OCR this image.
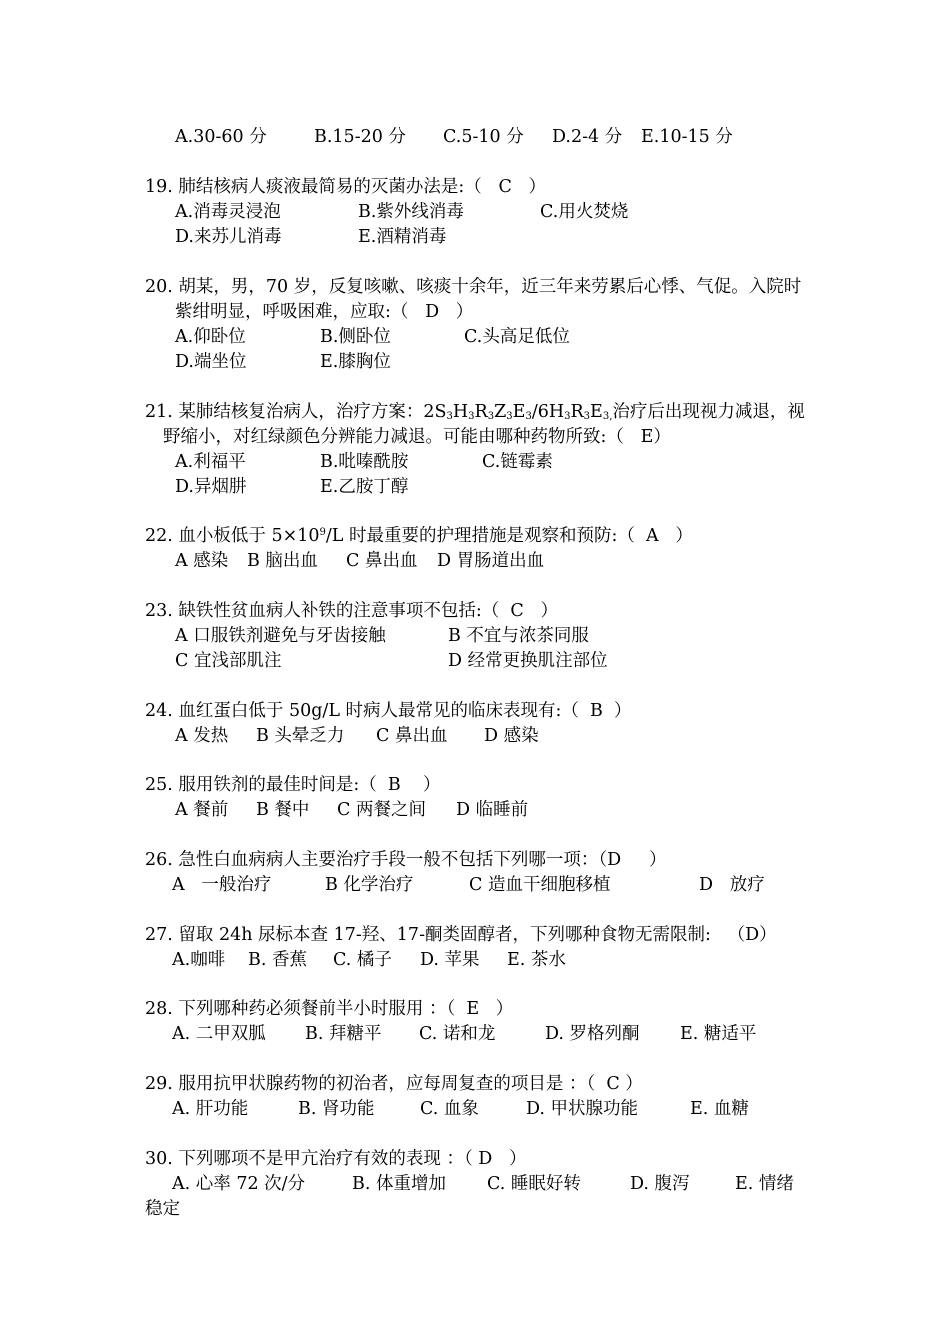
A.30-60 分	B.15-20 分 C.5-10 分 D.2-4 分 E.10-15 分
19. 肺结核病人痰液最简易的灭菌办法是:（   C   ）
A.消毒灵浸泡	B.紫外线消毒	C.用火焚烧
D.来苏儿消毒	E.酒精消毒
20. 胡某，男，70 岁，反复咳嗽、咳痰十余年，近三年来劳累后心悸、气促。入院时
紫绀明显，呼吸困难，应取:（   D   ）
A.仰卧位	B.侧卧位	C.头高足低位
D.端坐位	E.膝胸位
21. 某肺结核复治病人，治疗方案：$2S_3H_3R_3Z_3E_3/6H_3R_3E_{3,}$治疗后出现视力减退，视
野缩小，对红绿颜色分辨能力减退。可能由哪种药物所致:（   E）
A.利福平	B.吡嗪酰胺	C.链霉素
D.异烟肼	E.乙胺丁醇
22. 血小板低于 $5\times 10^9/L$ 时最重要的护理措施是观察和预防:（  A   ）
A 感染 B 脑出血 C 鼻出血 D 胃肠道出血
23. 缺铁性贫血病人补铁的注意事项不包括:（  C   ）
A 口服铁剂避免与牙齿接触	B 不宜与浓茶同服
C 宜浅部肌注	D 经常更换肌注部位
24. 血红蛋白低于 50g/L 时病人最常见的临床表现有:（  B  ）
A 发热 B 头晕乏力 C 鼻出血 D 感染
25. 服用铁剂的最佳时间是:（  B    ）
A 餐前 B 餐中 C 两餐之间 D 临睡前
26. 急性白血病病人主要治疗手段一般不包括下列哪一项：（D     ）
A   一般治疗	B 化学治疗	C 造血干细胞移植	D   放疗
27. 留取 24h 尿标本查 17-羟、17-酮类固醇者，下列哪种食物无需限制:   （D）
A.咖啡 B. 香蕉 C. 橘子 D. 苹果 E. 茶水
28. 下列哪种药必须餐前半小时服用 ：（  E   ）
A. 二甲双胍 B. 拜糖平 C. 诺和龙	D. 罗格列酮 E. 糖适平
29. 服用抗甲状腺药物的初治者，应每周复查的项目是 ：（  C ）
A. 肝功能	B. 肾功能	C. 血象	D. 甲状腺功能	E. 血糖
30. 下列哪项不是甲亢治疗有效的表现 ：（ D   ）
A. 心率 72 次/分	B. 体重增加 C. 睡眠好转	D. 腹泻	E. 情绪
稳定
